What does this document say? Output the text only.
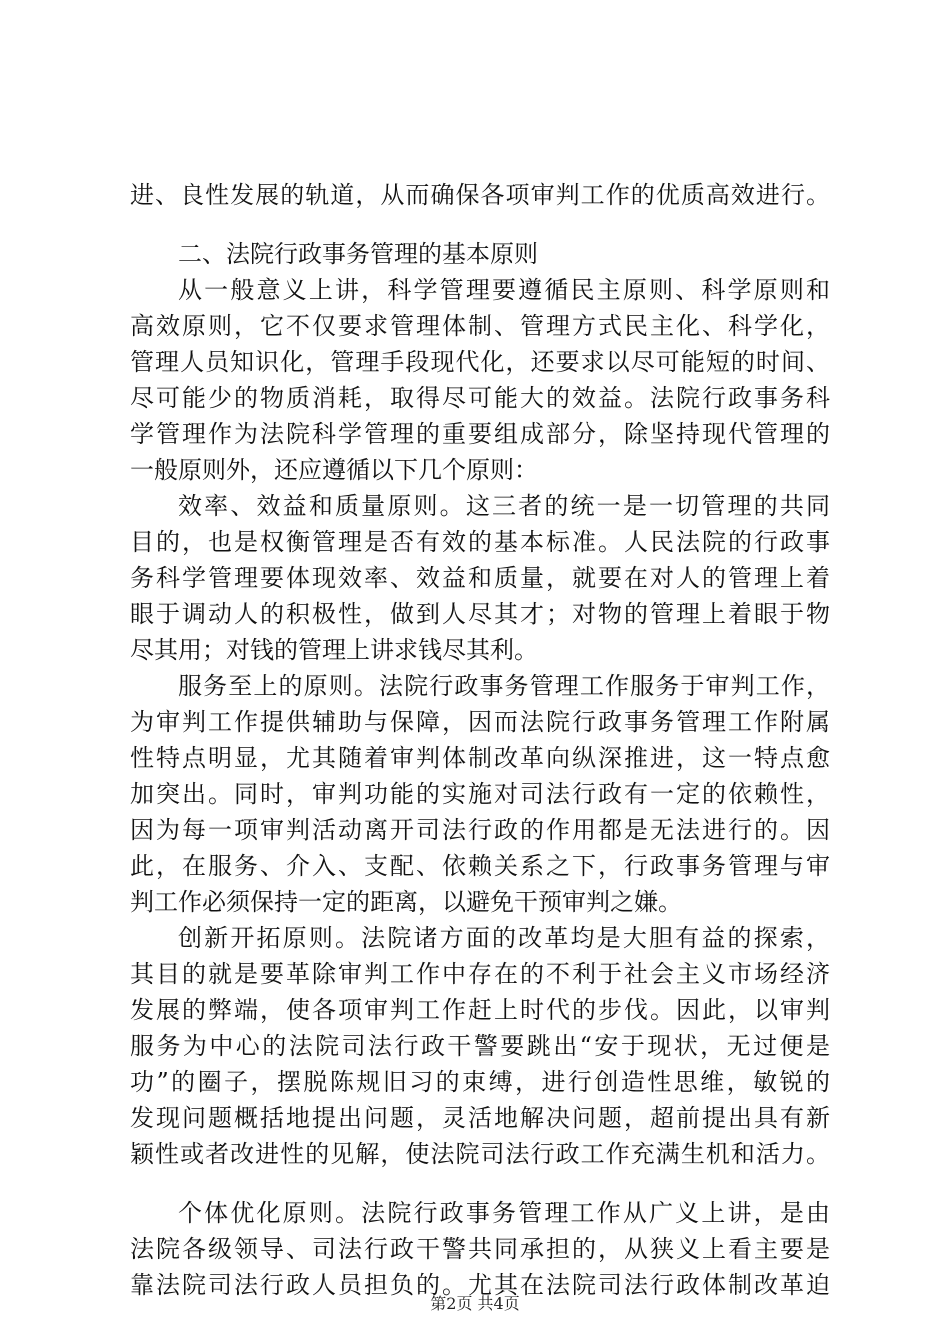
进、良性发展的轨道，从而确保各项审判工作的优质高效进行。
二、法院行政事务管理的基本原则
从一般意义上讲，科学管理要遵循民主原则、科学原则和
高效原则，它不仅要求管理体制、管理方式民主化、科学化，
管理人员知识化，管理手段现代化，还要求以尽可能短的时间、
尽可能少的物质消耗，取得尽可能大的效益。法院行政事务科
学管理作为法院科学管理的重要组成部分，除坚持现代管理的
一般原则外，还应遵循以下几个原则：
效率、效益和质量原则。这三者的统一是一切管理的共同
目的，也是权衡管理是否有效的基本标准。人民法院的行政事
务科学管理要体现效率、效益和质量，就要在对人的管理上着
眼于调动人的积极性，做到人尽其才；对物的管理上着眼于物
尽其用；对钱的管理上讲求钱尽其利。
服务至上的原则。法院行政事务管理工作服务于审判工作，
为审判工作提供辅助与保障，因而法院行政事务管理工作附属
性特点明显，尤其随着审判体制改革向纵深推进，这一特点愈
加突出。同时，审判功能的实施对司法行政有一定的依赖性，
因为每一项审判活动离开司法行政的作用都是无法进行的。因
此，在服务、介入、支配、依赖关系之下，行政事务管理与审
判工作必须保持一定的距离，以避免干预审判之嫌。
创新开拓原则。法院诸方面的改革均是大胆有益的探索，
其目的就是要革除审判工作中存在的不利于社会主义市场经济
发展的弊端，使各项审判工作赶上时代的步伐。因此，以审判
服务为中心的法院司法行政干警要跳出“安于现状，无过便是
功”的圈子，摆脱陈规旧习的束缚，进行创造性思维，敏锐的
发现问题概括地提出问题，灵活地解决问题，超前提出具有新
颖性或者改进性的见解，使法院司法行政工作充满生机和活力。
个体优化原则。法院行政事务管理工作从广义上讲，是由
法院各级领导、司法行政干警共同承担的，从狭义上看主要是
靠法院司法行政人员担负的。尤其在法院司法行政体制改革迫
第2页 共4页
